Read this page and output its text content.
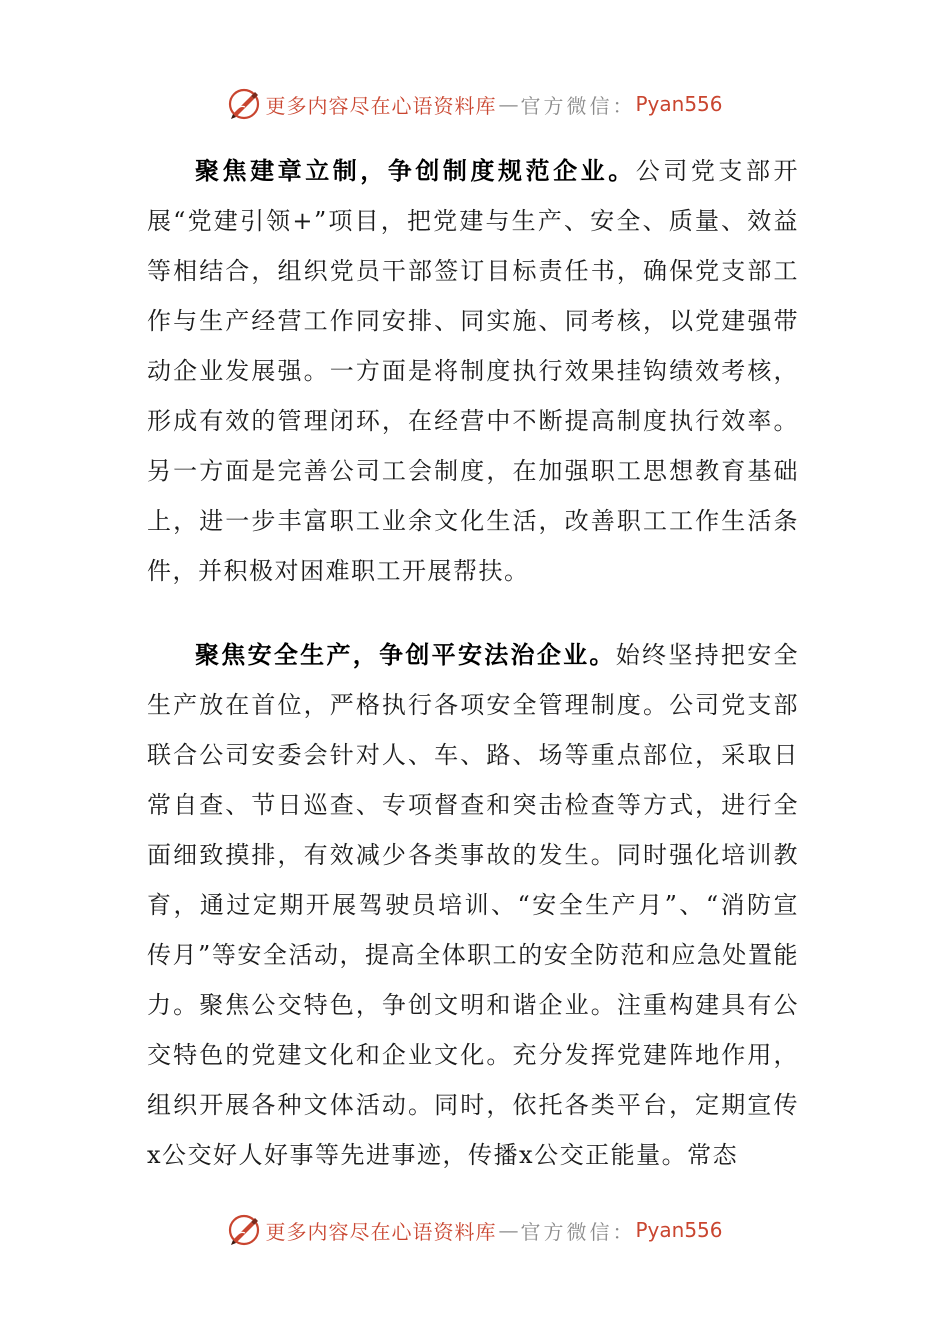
更多内容尽在心语资料库 — 官方微信： Pyan556

聚焦建章立制，争创制度规范企业。公司党支部开展“党建引领+”项目，把党建与生产、安全、质量、效益等相结合，组织党员干部签订目标责任书，确保党支部工作与生产经营工作同安排、同实施、同考核，以党建强带动企业发展强。一方面是将制度执行效果挂钩绩效考核，形成有效的管理闭环，在经营中不断提高制度执行效率。另一方面是完善公司工会制度，在加强职工思想教育基础上，进一步丰富职工业余文化生活，改善职工工作生活条件，并积极对困难职工开展帮扶。

聚焦安全生产，争创平安法治企业。始终坚持把安全生产放在首位，严格执行各项安全管理制度。公司党支部联合公司安委会针对人、车、路、场等重点部位，采取日常自查、节日巡查、专项督查和突击检查等方式，进行全面细致摸排，有效减少各类事故的发生。同时强化培训教育，通过定期开展驾驶员培训、“安全生产月”、“消防宣传月”等安全活动，提高全体职工的安全防范和应急处置能力。聚焦公交特色，争创文明和谐企业。注重构建具有公交特色的党建文化和企业文化。充分发挥党建阵地作用，组织开展各种文体活动。同时，依托各类平台，定期宣传x公交好人好事等先进事迹，传播x公交正能量。常态

更多内容尽在心语资料库 — 官方微信： Pyan556
